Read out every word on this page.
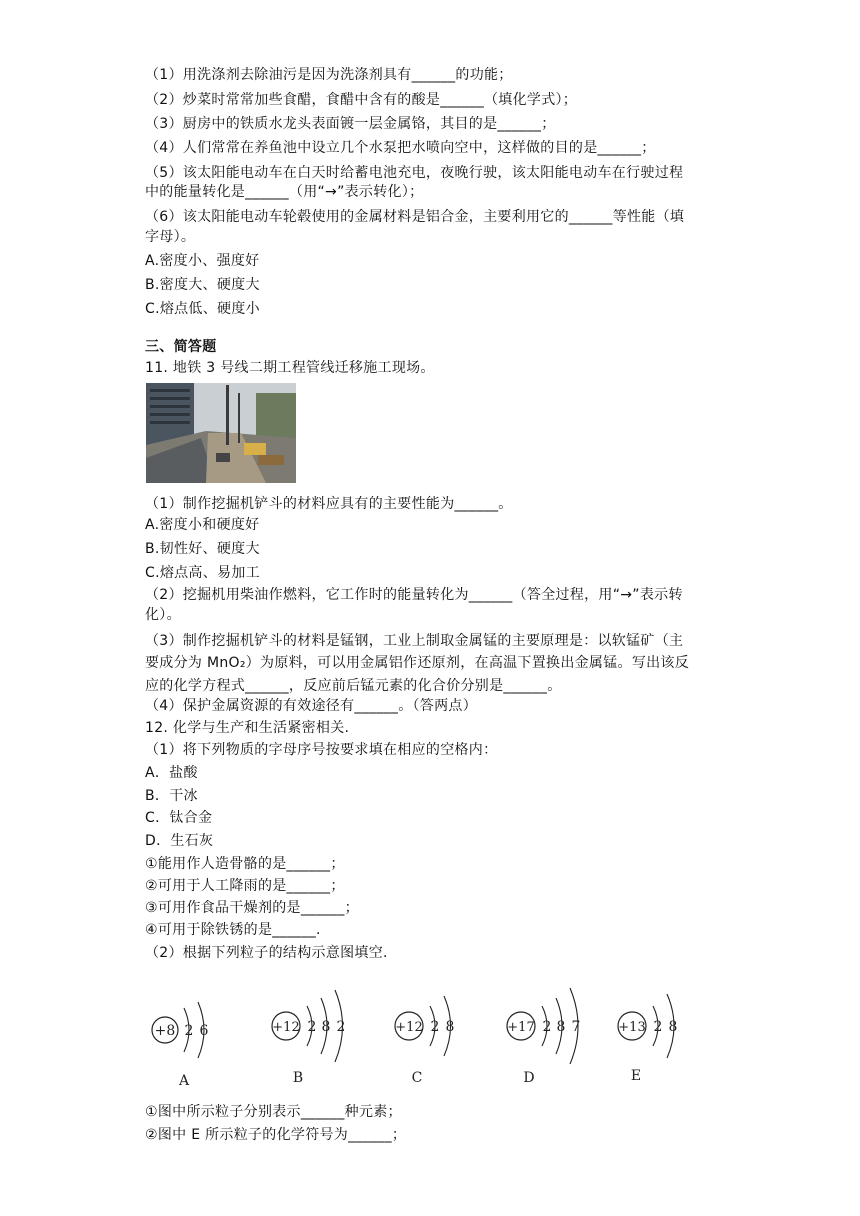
（1）用洗涤剂去除油污是因为洗涤剂具有______的功能；
（2）炒菜时常常加些食醋，食醋中含有的酸是______（填化学式）；
（3）厨房中的铁质水龙头表面镀一层金属铬，其目的是______；
（4）人们常常在养鱼池中设立几个水泵把水喷向空中，这样做的目的是______；
（5）该太阳能电动车在白天时给蓄电池充电，夜晚行驶，该太阳能电动车在行驶过程
中的能量转化是______（用“→”表示转化）；
（6）该太阳能电动车轮毂使用的金属材料是铝合金，主要利用它的______等性能（填
字母）。
A.密度小、强度好
B.密度大、硬度大
C.熔点低、硬度小
三、简答题
11. 地铁 3 号线二期工程管线迁移施工现场。
（1）制作挖掘机铲斗的材料应具有的主要性能为______。
A.密度小和硬度好
B.韧性好、硬度大
C.熔点高、易加工
（2）挖掘机用柴油作燃料，它工作时的能量转化为______（答全过程，用“→”表示转
化）。
（3）制作挖掘机铲斗的材料是锰钢，工业上制取金属锰的主要原理是：以软锰矿（主
要成分为 MnO₂）为原料，可以用金属铝作还原剂，在高温下置换出金属锰。写出该反
应的化学方程式______，反应前后锰元素的化合价分别是______。
（4）保护金属资源的有效途径有______。（答两点）
12. 化学与生产和生活紧密相关.
（1）将下列物质的字母序号按要求填在相应的空格内：
A．盐酸
B．干冰
C．钛合金
D．生石灰
①能用作人造骨骼的是______；
②可用于人工降雨的是______；
③可用作食品干燥剂的是______；
④可用于除铁锈的是______.
（2）根据下列粒子的结构示意图填空.
+8 2 6
A
+12 2 8 2
B
+12 2 8
C
+17 2 8 7
D
+13 2 8
E
①图中所示粒子分别表示______种元素；
②图中 E 所示粒子的化学符号为______；
